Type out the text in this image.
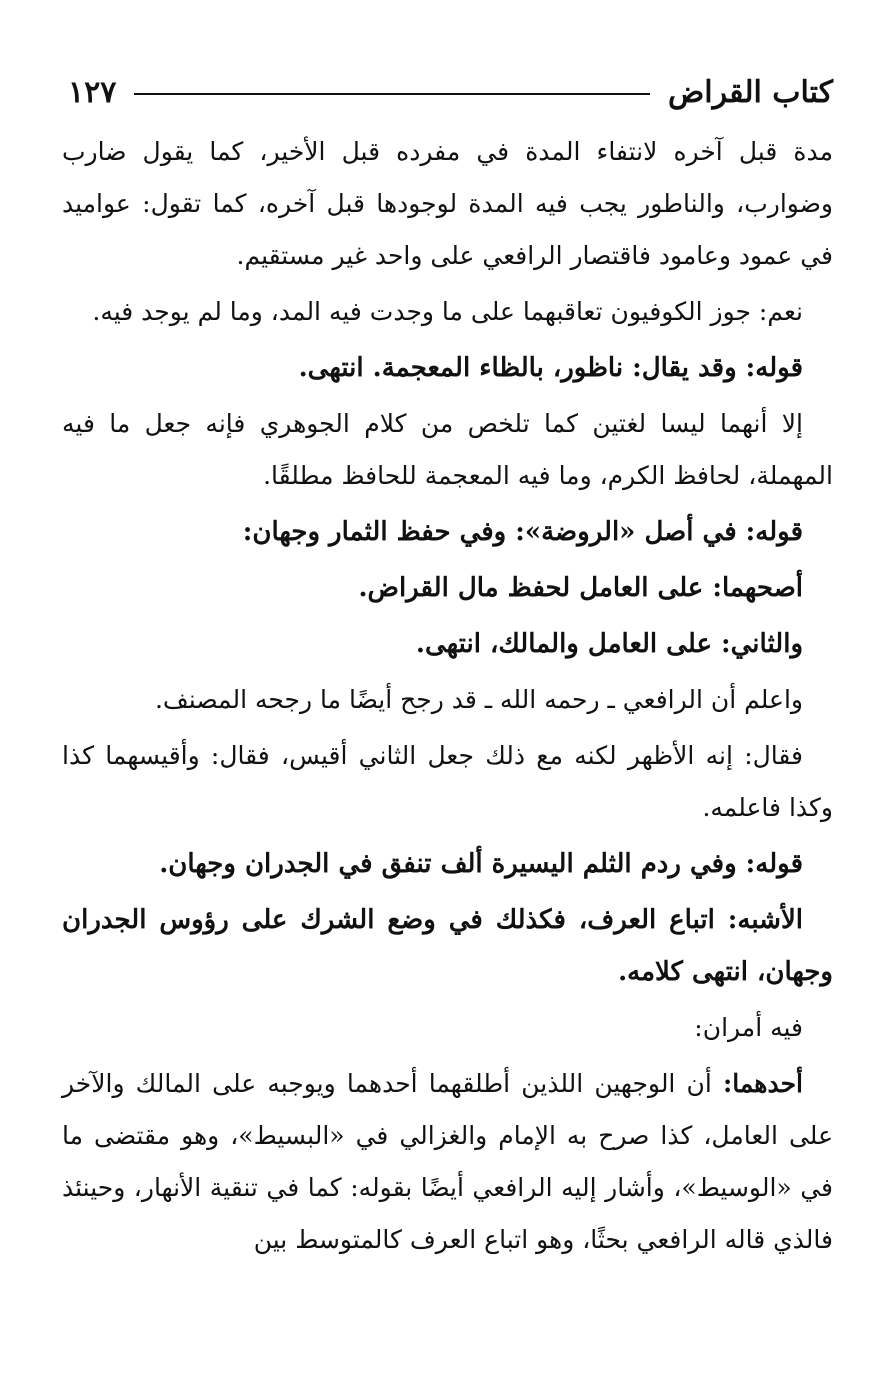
كتاب القراض
١٢٧

مدة قبل آخره لانتفاء المدة في مفرده قبل الأخير، كما يقول ضارب وضوارب، والناطور يجب فيه المدة لوجودها قبل آخره، كما تقول: عواميد في عمود وعامود فاقتصار الرافعي على واحد غير مستقيم.

نعم: جوز الكوفيون تعاقبهما على ما وجدت فيه المد، وما لم يوجد فيه.

قوله: وقد يقال: ناظور، بالظاء المعجمة. انتهى.

إلا أنهما ليسا لغتين كما تلخص من كلام الجوهري فإنه جعل ما فيه المهملة، لحافظ الكرم، وما فيه المعجمة للحافظ مطلقًا.

قوله: في أصل «الروضة»: وفي حفظ الثمار وجهان:

أصحهما: على العامل لحفظ مال القراض.

والثاني: على العامل والمالك، انتهى.

واعلم أن الرافعي ـ رحمه الله ـ قد رجح أيضًا ما رجحه المصنف.

فقال: إنه الأظهر لكنه مع ذلك جعل الثاني أقيس، فقال: وأقيسهما كذا وكذا فاعلمه.

قوله: وفي ردم الثلم اليسيرة ألف تنفق في الجدران وجهان.

الأشبه: اتباع العرف، فكذلك في وضع الشرك على رؤوس الجدران وجهان، انتهى كلامه.

فيه أمران:

أحدهما: أن الوجهين اللذين أطلقهما أحدهما ويوجبه على المالك والآخر على العامل، كذا صرح به الإمام والغزالي في «البسيط»، وهو مقتضى ما في «الوسيط»، وأشار إليه الرافعي أيضًا بقوله: كما في تنقية الأنهار، وحينئذ فالذي قاله الرافعي بحثًا، وهو اتباع العرف كالمتوسط بين
